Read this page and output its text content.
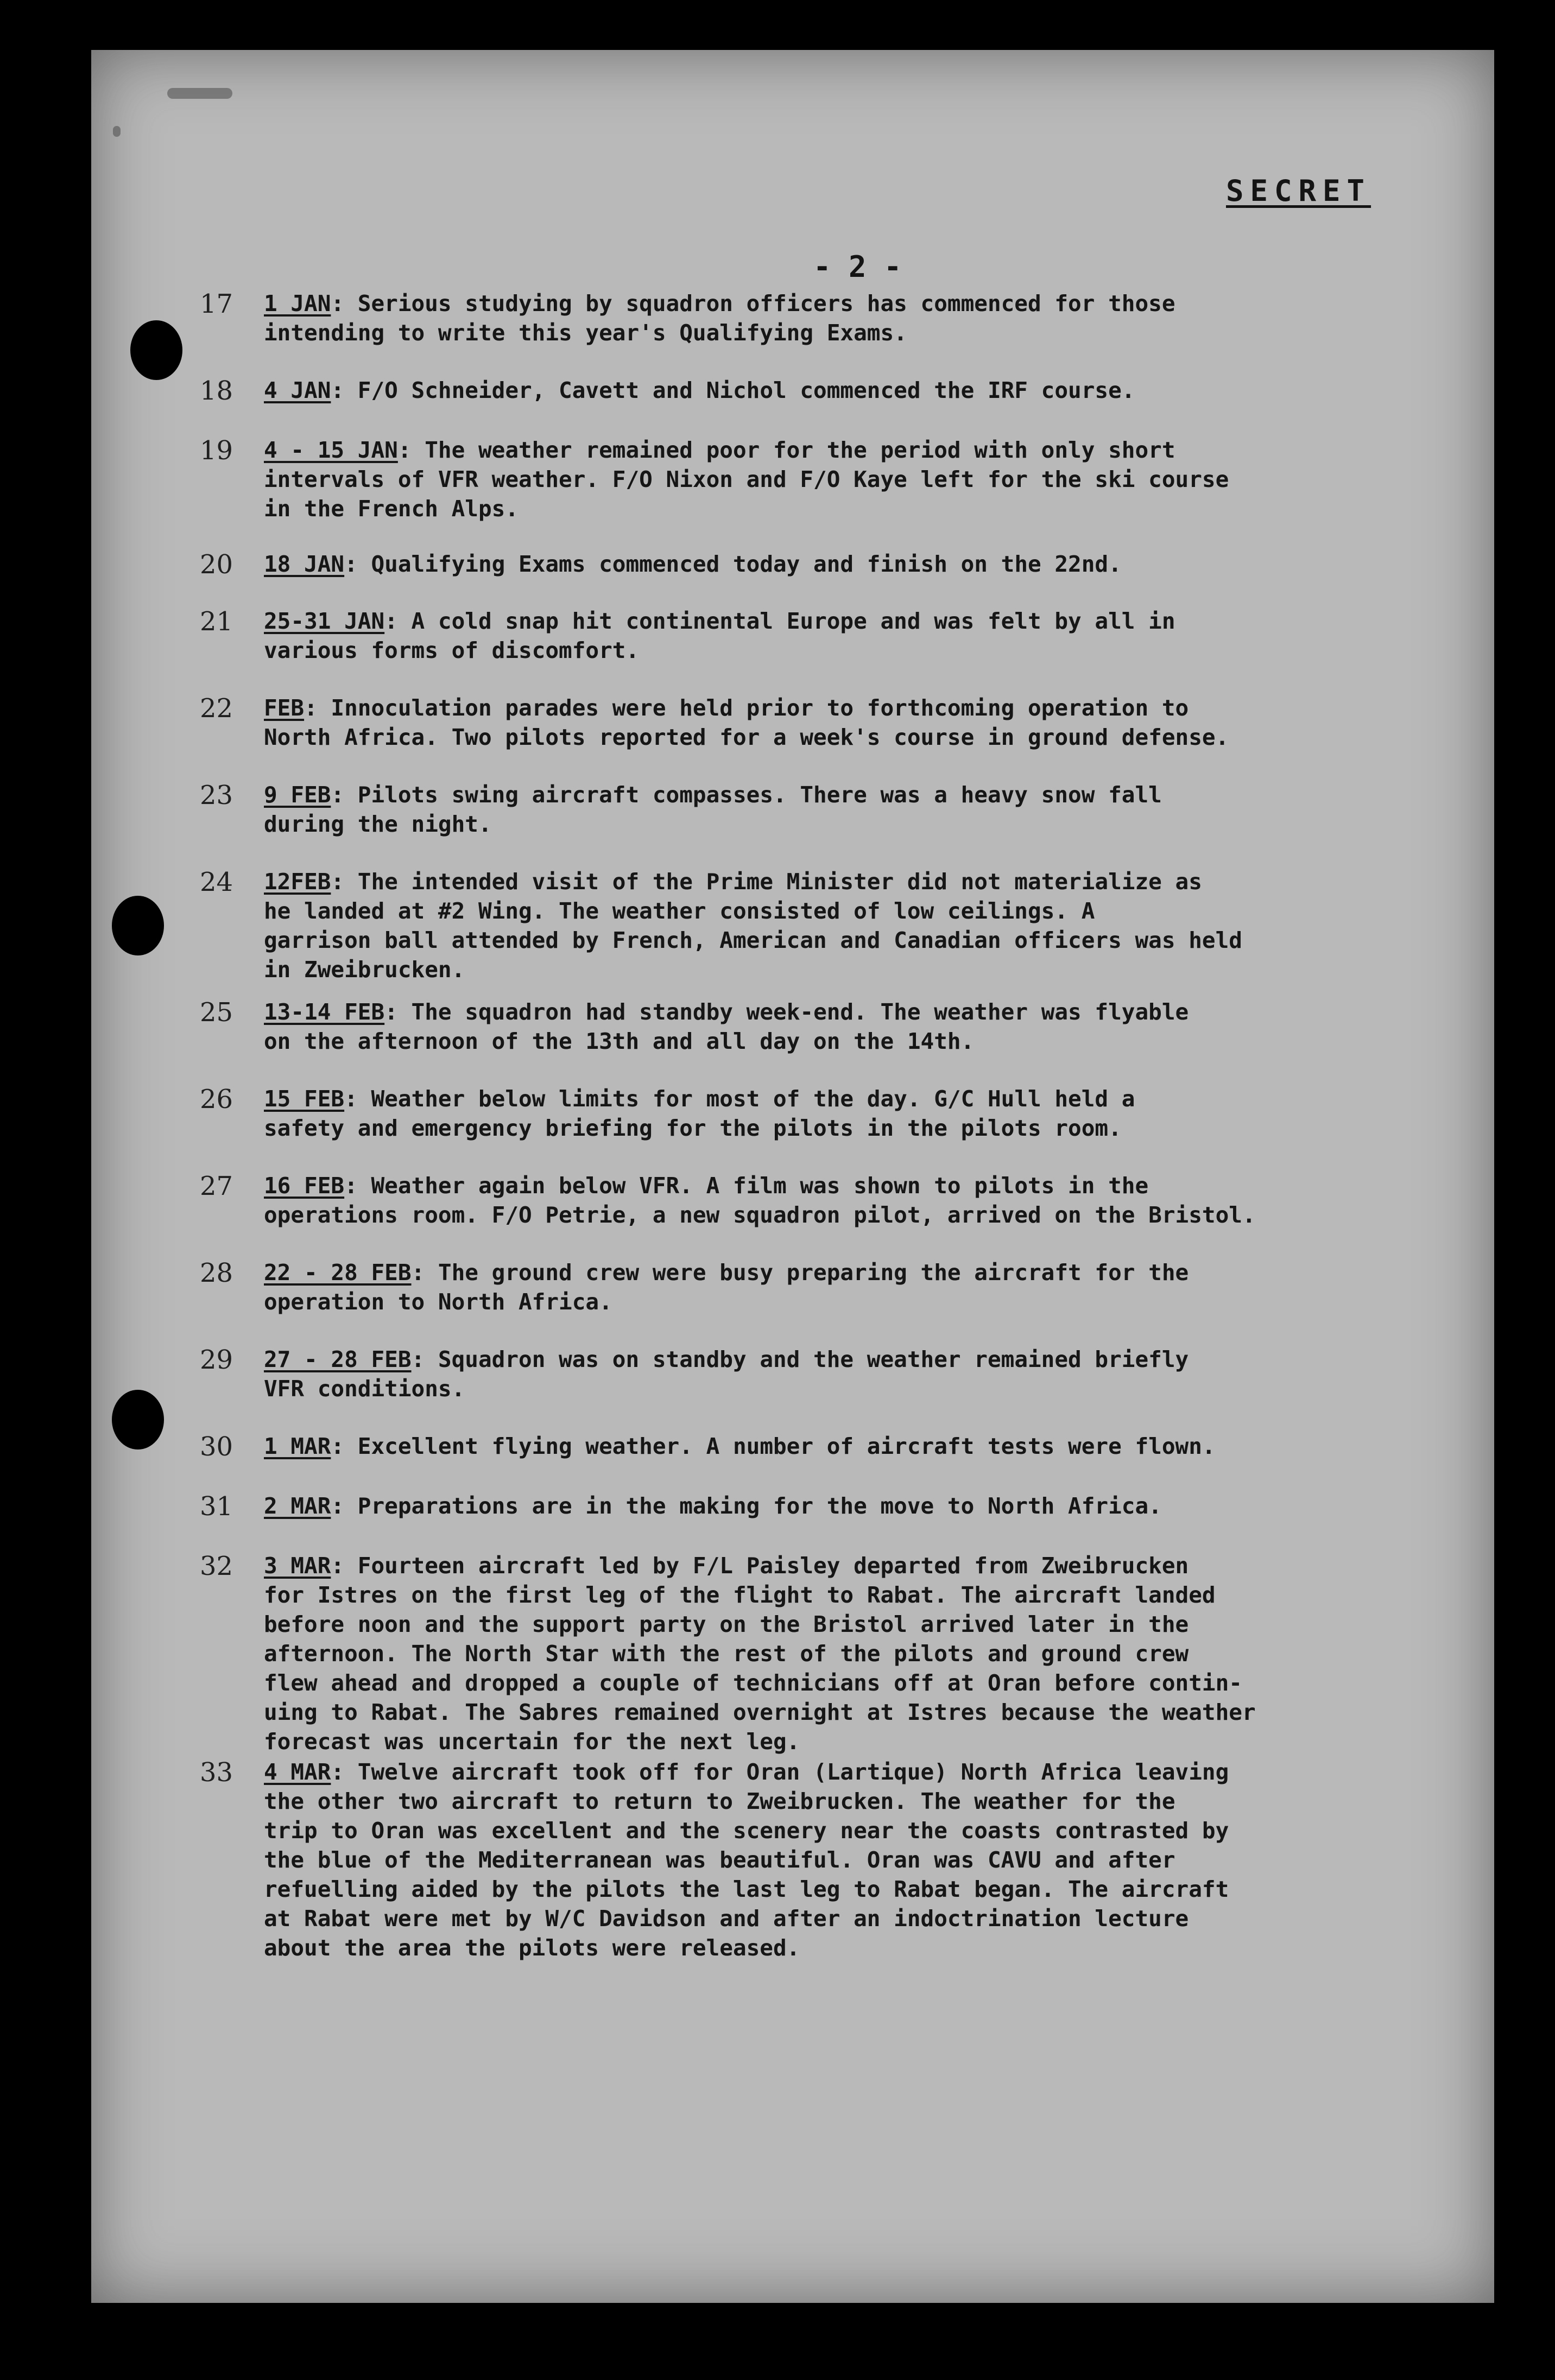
SECRET
- 2 -
17 1 JAN: Serious studying by squadron officers has commenced for those
intending to write this year's Qualifying Exams.
18 4 JAN: F/O Schneider, Cavett and Nichol commenced the IRF course.
19 4 - 15 JAN: The weather remained poor for the period with only short
intervals of VFR weather. F/O Nixon and F/O Kaye left for the ski course
in the French Alps.
20 18 JAN: Qualifying Exams commenced today and finish on the 22nd.
21 25-31 JAN: A cold snap hit continental Europe and was felt by all in
various forms of discomfort.
22 FEB: Innoculation parades were held prior to forthcoming operation to
North Africa. Two pilots reported for a week's course in ground defense.
23 9 FEB: Pilots swing aircraft compasses. There was a heavy snow fall
during the night.
24 12FEB: The intended visit of the Prime Minister did not materialize as
he landed at #2 Wing. The weather consisted of low ceilings. A
garrison ball attended by French, American and Canadian officers was held
in Zweibrucken.
25 13-14 FEB: The squadron had standby week-end. The weather was flyable
on the afternoon of the 13th and all day on the 14th.
26 15 FEB: Weather below limits for most of the day. G/C Hull held a
safety and emergency briefing for the pilots in the pilots room.
27 16 FEB: Weather again below VFR. A film was shown to pilots in the
operations room. F/O Petrie, a new squadron pilot, arrived on the Bristol.
28 22 - 28 FEB: The ground crew were busy preparing the aircraft for the
operation to North Africa.
29 27 - 28 FEB: Squadron was on standby and the weather remained briefly
VFR conditions.
30 1 MAR: Excellent flying weather. A number of aircraft tests were flown.
31 2 MAR: Preparations are in the making for the move to North Africa.
32 3 MAR: Fourteen aircraft led by F/L Paisley departed from Zweibrucken
for Istres on the first leg of the flight to Rabat. The aircraft landed
before noon and the support party on the Bristol arrived later in the
afternoon. The North Star with the rest of the pilots and ground crew
flew ahead and dropped a couple of technicians off at Oran before contin-
uing to Rabat. The Sabres remained overnight at Istres because the weather
forecast was uncertain for the next leg.
33 4 MAR: Twelve aircraft took off for Oran (Lartique) North Africa leaving
the other two aircraft to return to Zweibrucken. The weather for the
trip to Oran was excellent and the scenery near the coasts contrasted by
the blue of the Mediterranean was beautiful. Oran was CAVU and after
refuelling aided by the pilots the last leg to Rabat began. The aircraft
at Rabat were met by W/C Davidson and after an indoctrination lecture
about the area the pilots were released.
